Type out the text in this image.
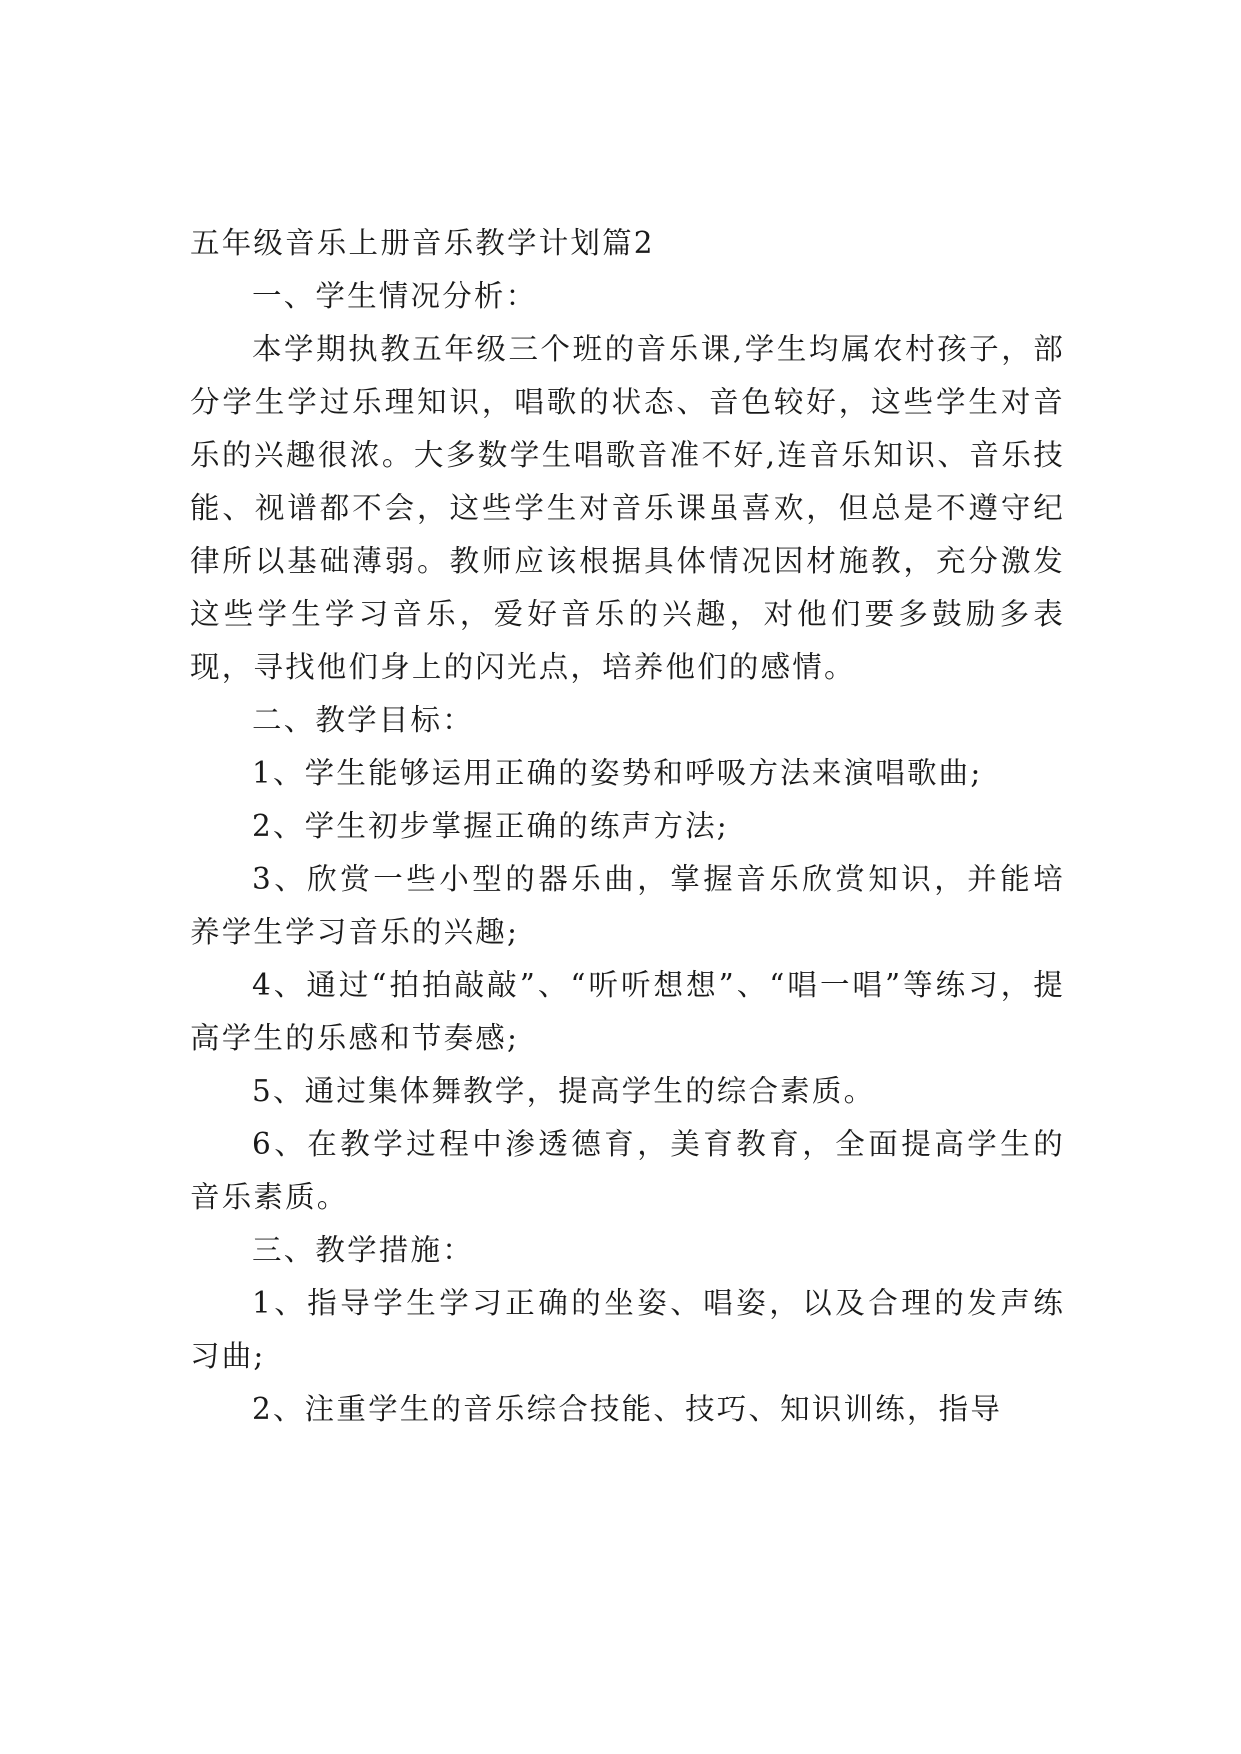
五年级音乐上册音乐教学计划篇2

一、学生情况分析：

本学期执教五年级三个班的音乐课,学生均属农村孩子，部分学生学过乐理知识，唱歌的状态、音色较好，这些学生对音乐的兴趣很浓。大多数学生唱歌音准不好,连音乐知识、音乐技能、视谱都不会，这些学生对音乐课虽喜欢，但总是不遵守纪律所以基础薄弱。教师应该根据具体情况因材施教，充分激发这些学生学习音乐，爱好音乐的兴趣，对他们要多鼓励多表现，寻找他们身上的闪光点，培养他们的感情。

二、教学目标：

1、学生能够运用正确的姿势和呼吸方法来演唱歌曲;

2、学生初步掌握正确的练声方法;

3、欣赏一些小型的器乐曲，掌握音乐欣赏知识，并能培养学生学习音乐的兴趣;

4、通过“拍拍敲敲”、“听听想想”、“唱一唱”等练习，提高学生的乐感和节奏感;

5、通过集体舞教学，提高学生的综合素质。

6、在教学过程中渗透德育，美育教育，全面提高学生的音乐素质。

三、教学措施：

1、指导学生学习正确的坐姿、唱姿，以及合理的发声练习曲;

2、注重学生的音乐综合技能、技巧、知识训练，指导
